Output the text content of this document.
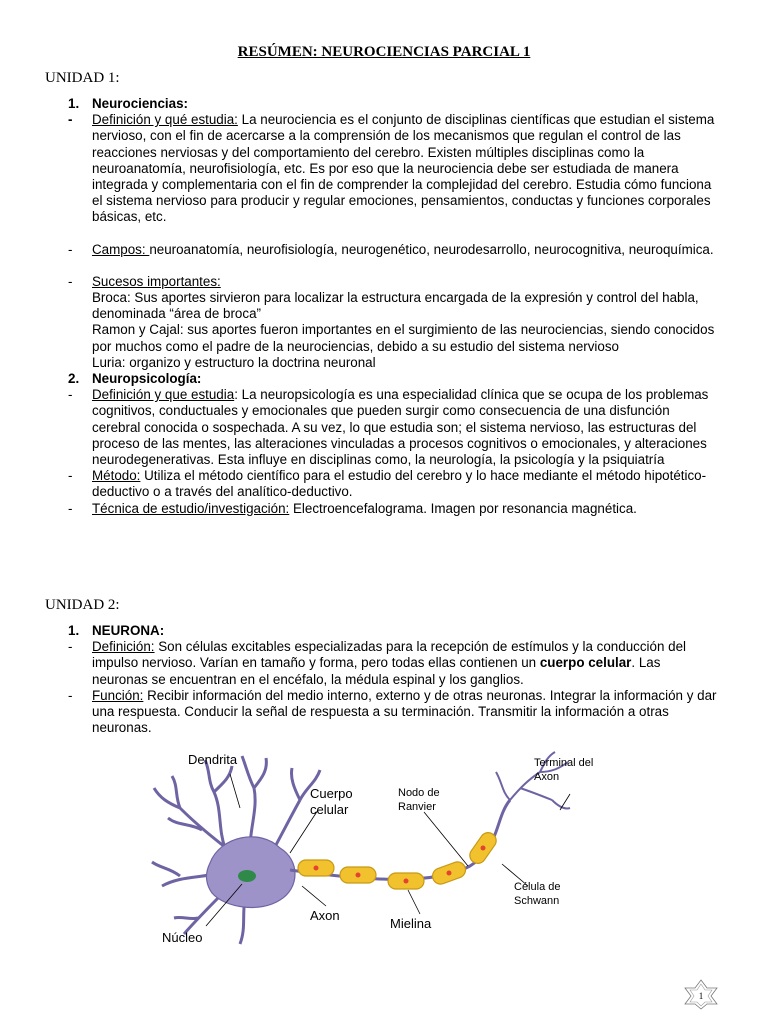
RESÚMEN: NEUROCIENCIAS PARCIAL 1
UNIDAD 1:
1. Neurociencias:
- Definición y qué estudia: La neurociencia es el conjunto de disciplinas científicas que estudian el sistema nervioso, con el fin de acercarse a la comprensión de los mecanismos que regulan el control de las reacciones nerviosas y del comportamiento del cerebro. Existen múltiples disciplinas como la neuroanatomía, neurofisiología, etc. Es por eso que la neurociencia debe ser estudiada de manera integrada y complementaria con el fin de comprender la complejidad del cerebro. Estudia cómo funciona el sistema nervioso para producir y regular emociones, pensamientos, conductas y funciones corporales básicas, etc.
- Campos: neuroanatomía, neurofisiología, neurogenético, neurodesarrollo, neurocognitiva, neuroquímica.
- Sucesos importantes:
Broca: Sus aportes sirvieron para localizar la estructura encargada de la expresión y control del habla, denominada “área de broca”
Ramon y Cajal: sus aportes fueron importantes en el surgimiento de las neurociencias, siendo conocidos por muchos como el padre de la neurociencias, debido a su estudio del sistema nervioso
Luria: organizo y estructuro la doctrina neuronal
2. Neuropsicología:
- Definición y que estudia: La neuropsicología es una especialidad clínica que se ocupa de los problemas cognitivos, conductuales y emocionales que pueden surgir como consecuencia de una disfunción cerebral conocida o sospechada. A su vez, lo que estudia son; el sistema nervioso, las estructuras del proceso de las mentes, las alteraciones vinculadas a procesos cognitivos o emocionales, y alteraciones neurodegenerativas. Esta influye en disciplinas como, la neurología, la psicología y la psiquiatría
- Método: Utiliza el método científico para el estudio del cerebro y lo hace mediante el método hipotético-deductivo o a través del analítico-deductivo.
- Técnica de estudio/investigación: Electroencefalograma. Imagen por resonancia magnética.
UNIDAD 2:
1. NEURONA:
- Definición: Son células excitables especializadas para la recepción de estímulos y la conducción del impulso nervioso. Varían en tamaño y forma, pero todas ellas contienen un cuerpo celular. Las neuronas se encuentran en el encéfalo, la médula espinal y los ganglios.
- Función: Recibir información del medio interno, externo y de otras neuronas. Integrar la información y dar una respuesta. Conducir la señal de respuesta a su terminación. Transmitir la información a otras neuronas.
Dendrita
Cuerpo
celular
Nodo de
Ranvier
Terminal del
Axon
Axon
Célula de
Schwann
Mielina
Núcleo
1
